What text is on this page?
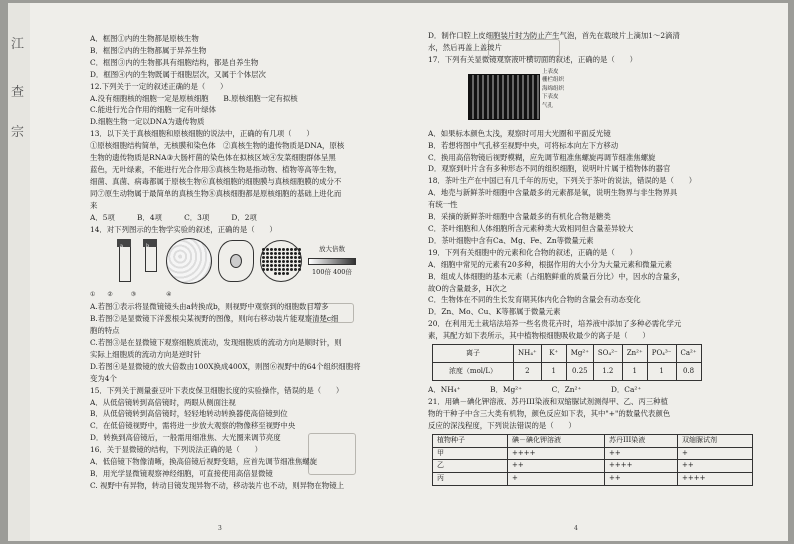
江
查
宗

A．框图①内的生物都是原核生物

B．框图②内的生物都属于异养生物

C．框图③内的生物都具有细胞结构，都是自养生物

D．框图④内的生物既属于细胞层次，又属于个体层次

12.下列关于一定的叙述正确的是（　　）

A.没有细胞核的细胞一定是原核细胞　　B.原核细胞一定有拟核

C.能进行光合作用的细胞一定有叶绿体

D.细胞生物一定以DNA为遗传物质

13．以下关于真核细胞和原核细胞的说法中，正确的有几项（　　）

①原核细胞结构简单，无核膜和染色体　②真核生物的遗传物质是DNA，原核

生物的遗传物质是RNA③大肠杆菌的染色体在拟核区域④发菜细胞群体呈黑

蓝色，无叶绿素，不能进行光合作用⑤真核生物是指动物、植物等高等生物，

细菌、真菌、病毒都属于原核生物⑥真核细胞的细胞膜与真核细胞膜的成分不

同⑦原生动物属于最简单的真核生物⑧真核细胞都是原核细胞的基础上进化而

来

A．5项　　　B．4项　　　C．3项　　　D．2项

14．对下列图示的生物学实验的叙述，正确的是（　　）

a	b	放大倍数
100倍 400倍

①　　②　　　③　　　　　④

A.若图①表示将显微镜镜头由a转换成b，则视野中观察到的细胞数目增多

B.若图②是显微镜下洋葱根尖某视野的图像，则向右移动装片能观察清楚c细

胞的特点

C.若图③是在显微镜下观察细胞质流动，发现细胞质的流动方向是顺时针，则

实际上细胞质的流动方向是逆时针

D.若图④是显微镜的放大倍数由100X换成400X，则图⑥视野中的64个组织细胞将

变为4个

15．下列关于测量蚕豆叶下表皮保卫细胞长度的实验操作，错误的是（　　）

A．从低倍镜转到高倍镜时，两眼从侧面注视

B．从低倍镜转到高倍镜时，轻轻地转动转换器使高倍镜到位

C．在低倍镜视野中，需将进一步放大观察的物像移至视野中央

D．转换到高倍镜后，一般需用细准焦、大光圈来调节亮度

16．关于显微镜的结构，下列说法正确的是（　　）

A．低倍镜下物像清晰，换高倍镜后视野变暗，应首先调节细准焦螺旋

B．用光学显微镜观察神经细胞，可直接使用高倍显微镜

C. 视野中有异物，转动目镜发现异物不动，移动装片也不动，则异物在物镜上

3

D．制作口腔上皮细胞装片时为防止产生气泡，首先在载玻片上滴加1～2滴清

水，然后再盖上盖玻片

17．下列有关显微镜观察液叶横切面的叙述，正确的是（　　）

上表皮
栅栏组织
海绵组织
下表皮
气孔

A．如果标本颜色太浅，观察时可用大光圈和平面反光镜

B．若想将图中气孔移至视野中央，可将标本向左下方移动

C．换用高倍物镜后视野模糊，应先调节粗准焦螺旋再调节细准焦螺旋

D．观察到叶片含有多种形态不同的组织细胞，说明叶片属于植物体的器官

18．茶叶生产在中国已有几千年的历史，下列关于茶叶的说法，错误的是（　　）

A．地売与新鲜茶叶细胞中含量最多的元素都是氧，说明生物界与非生物界具

有统一性

B．采摘的新鲜茶叶细胞中含量最多的有机化合物是糖类

C．茶叶细胞和人体细胞所含元素种类大致相同但含量差异较大

D．茶叶细胞中含有Ca、Mg、Fe、Zn等微量元素

19．下列有关细胞中的元素和化合物的叙述，正确的是（　　）

A．细胞中常见的元素有20多种，根据作用的大小分为大量元素和微量元素

B．组成人体细胞的基本元素（占细胞鲜重的质量百分比）中，因水的含量多，

故O的含量最多，H次之

C．生物体在不同的生长发育期其体内化合物的含量会有动态变化

D．Zn、Mo、Cu、K等都属于微量元素

20．在利用无土栽培法培养一些名贵花卉时，培养液中添加了多种必需化学元

素，其配方如下表所示，其中植物根细胞吸收最少的离子是（　　）

离子	NH₄⁺	K⁺	Mg²⁺	SO₄²⁻	Zn²⁺	PO₄³⁻	Ca²⁺
浓度（mol/L）	2	1	0.25	1.2	1	1	0.8

A．NH₄⁺　　　　B．Mg²⁺　　　　C．Zn²⁺　　　　D．Ca²⁺

21．用碘－碘化钾溶液、苏丹III染液和双缩脲试剂测得甲、乙、丙三种植

物的干种子中含三大类有机物，颜色反应如下表，其中"+"的数量代表颜色

反应的深浅程度，下列说法错误的是（　　）

植物种子	碘－碘化钾溶液	苏丹III染液	双缩脲试剂
甲	++++	++	+
乙	++	++++	++
丙	+	++	++++
4
